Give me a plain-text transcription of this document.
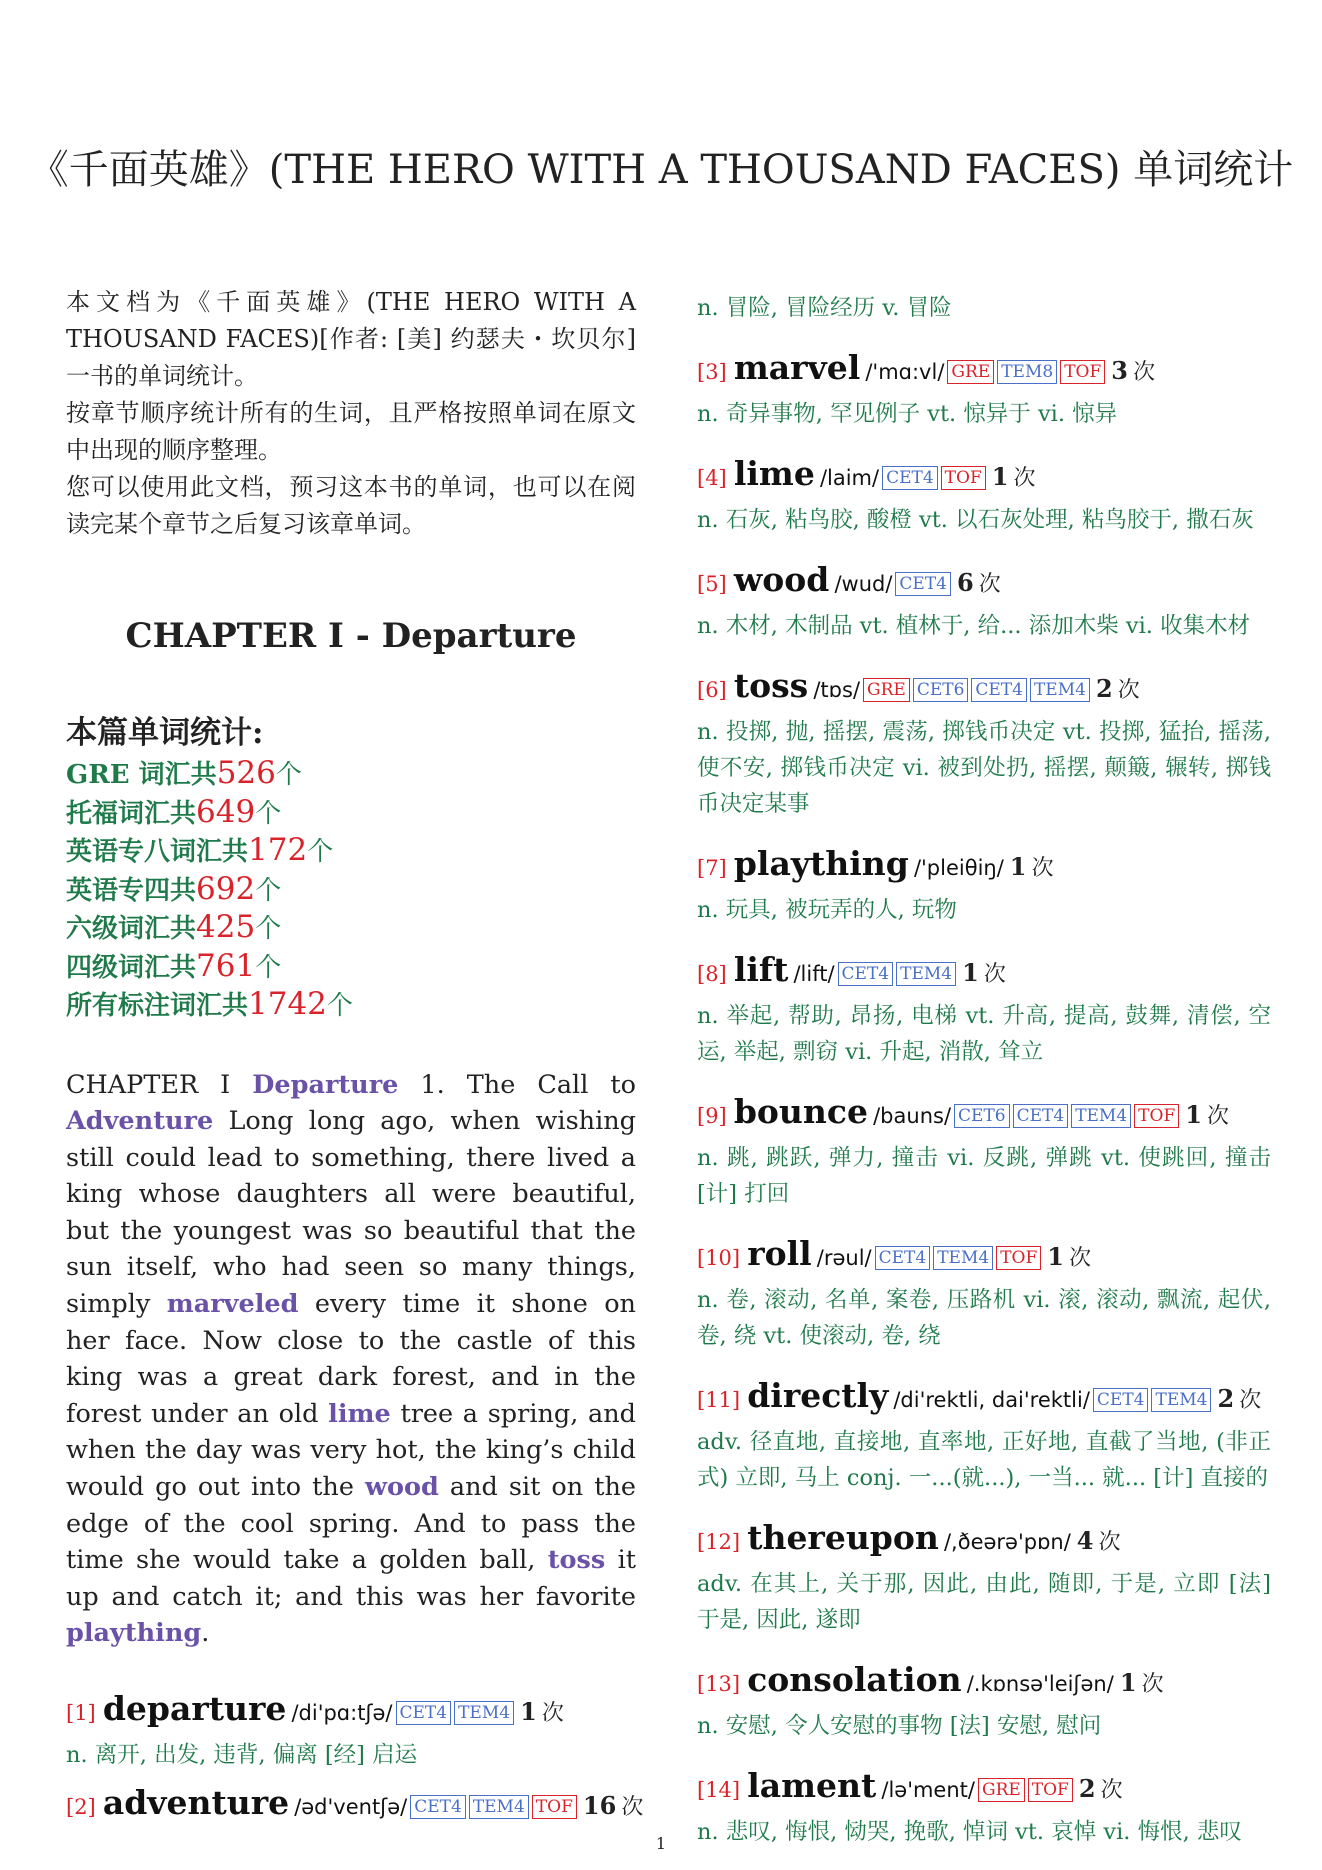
《千面英雄》(THE HERO WITH A THOUSAND FACES) 单词统计

本文档为《千面英雄》(THE HERO WITH A THOUSAND FACES)[作者: [美] 约瑟夫・坎贝尔] 一书的单词统计。

按章节顺序统计所有的生词，且严格按照单词在原文中出现的顺序整理。

您可以使用此文档，预习这本书的单词，也可以在阅读完某个章节之后复习该章单词。

CHAPTER I - Departure
本篇单词统计:
GRE 词汇共526个
托福词汇共649个
英语专八词汇共172个
英语专四共692个
六级词汇共425个
四级词汇共761个
所有标注词汇共1742个
CHAPTER I Departure 1. The Call to Adventure Long long ago, when wishing still could lead to something, there lived a king whose daughters all were beautiful, but the youngest was so beautiful that the sun itself, who had seen so many things, simply marveled every time it shone on her face. Now close to the castle of this king was a great dark forest, and in the forest under an old lime tree a spring, and when the day was very hot, the king’s child would go out into the wood and sit on the edge of the cool spring. And to pass the time she would take a golden ball, toss it up and catch it; and this was her favorite plaything.
[1] departure /di'pɑ:tʃə/ CET4 TEM4 1 次
n. 离开, 出发, 违背, 偏离 [经] 启运
[2] adventure /əd'ventʃə/ CET4 TEM4 TOF 16 次
n. 冒险, 冒险经历 v. 冒险
[3] marvel /'mɑ:vl/ GRE TEM8 TOF 3 次
n. 奇异事物, 罕见例子 vt. 惊异于 vi. 惊异
[4] lime /laim/ CET4 TOF 1 次
n. 石灰, 粘鸟胶, 酸橙 vt. 以石灰处理, 粘鸟胶于, 撒石灰
[5] wood /wud/ CET4 6 次
n. 木材, 木制品 vt. 植林于, 给... 添加木柴 vi. 收集木材
[6] toss /tɒs/ GRE CET6 CET4 TEM4 2 次
n. 投掷, 抛, 摇摆, 震荡, 掷钱币决定 vt. 投掷, 猛抬, 摇荡, 使不安, 掷钱币决定 vi. 被到处扔, 摇摆, 颠簸, 辗转, 掷钱币决定某事
[7] plaything /'pleiθiŋ/ 1 次
n. 玩具, 被玩弄的人, 玩物
[8] lift /lift/ CET4 TEM4 1 次
n. 举起, 帮助, 昂扬, 电梯 vt. 升高, 提高, 鼓舞, 清偿, 空运, 举起, 剽窃 vi. 升起, 消散, 耸立
[9] bounce /bauns/ CET6 CET4 TEM4 TOF 1 次
n. 跳, 跳跃, 弹力, 撞击 vi. 反跳, 弹跳 vt. 使跳回, 撞击 [计] 打回
[10] roll /rəul/ CET4 TEM4 TOF 1 次
n. 卷, 滚动, 名单, 案卷, 压路机 vi. 滚, 滚动, 飘流, 起伏, 卷, 绕 vt. 使滚动, 卷, 绕
[11] directly /di'rektli, dai'rektli/ CET4 TEM4 2 次
adv. 径直地, 直接地, 直率地, 正好地, 直截了当地, (非正式) 立即, 马上 conj. 一...(就...), 一当... 就... [计] 直接的
[12] thereupon /,ðeərə'pɒn/ 4 次
adv. 在其上, 关于那, 因此, 由此, 随即, 于是, 立即 [法] 于是, 因此, 遂即
[13] consolation /.kɒnsə'leiʃən/ 1 次
n. 安慰, 令人安慰的事物 [法] 安慰, 慰问
[14] lament /lə'ment/ GRE TOF 2 次
n. 悲叹, 悔恨, 恸哭, 挽歌, 悼词 vt. 哀悼 vi. 悔恨, 悲叹
1
